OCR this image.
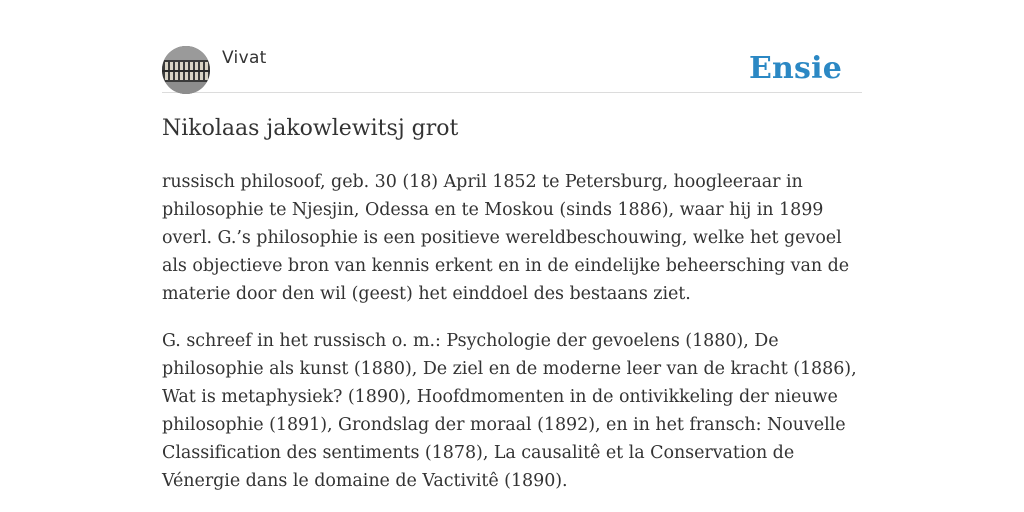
Vivat	Ensie
Nikolaas jakowlewitsj grot

russisch philosoof, geb. 30 (18) April 1852 te Petersburg, hoogleeraar in philosophie te Njesjin, Odessa en te Moskou (sinds 1886), waar hij in 1899 overl. G.’s philosophie is een positieve wereldbeschouwing, welke het gevoel als objectieve bron van kennis erkent en in de eindelijke beheersching van de materie door den wil (geest) het einddoel des bestaans ziet.

G. schreef in het russisch o. m.: Psychologie der gevoelens (1880), De philosophie als kunst (1880), De ziel en de moderne leer van de kracht (1886), Wat is metaphysiek? (1890), Hoofdmomenten in de ontivikkeling der nieuwe philosophie (1891), Grondslag der moraal (1892), en in het fransch: Nouvelle Classification des sentiments (1878), La causalitê et la Conservation de Vénergie dans le domaine de Vactivitê (1890).
